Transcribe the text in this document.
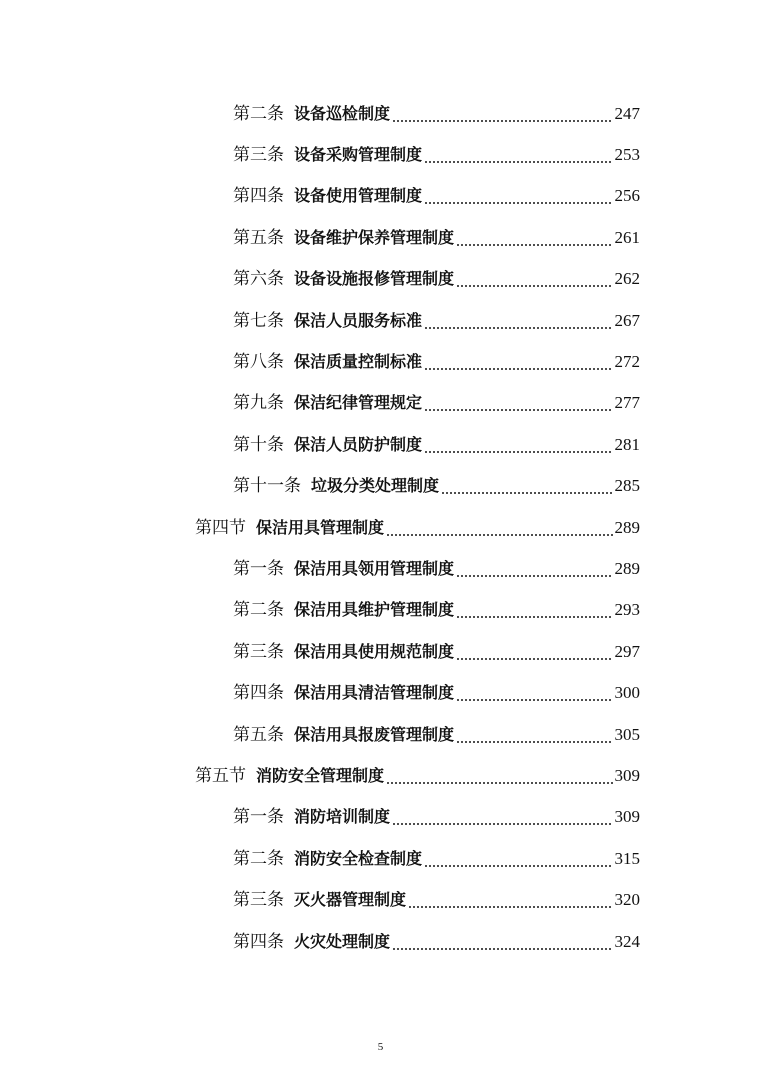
第二条 设备巡检制度	247
第三条 设备采购管理制度	253
第四条 设备使用管理制度	256
第五条 设备维护保养管理制度	261
第六条 设备设施报修管理制度	262
第七条 保洁人员服务标准	267
第八条 保洁质量控制标准	272
第九条 保洁纪律管理规定	277
第十条 保洁人员防护制度	281
第十一条 垃圾分类处理制度	285
第四节 保洁用具管理制度	289
第一条 保洁用具领用管理制度	289
第二条 保洁用具维护管理制度	293
第三条 保洁用具使用规范制度	297
第四条 保洁用具清洁管理制度	300
第五条 保洁用具报废管理制度	305
第五节 消防安全管理制度	309
第一条 消防培训制度	309
第二条 消防安全检查制度	315
第三条 灭火器管理制度	320
第四条 火灾处理制度	324
5
